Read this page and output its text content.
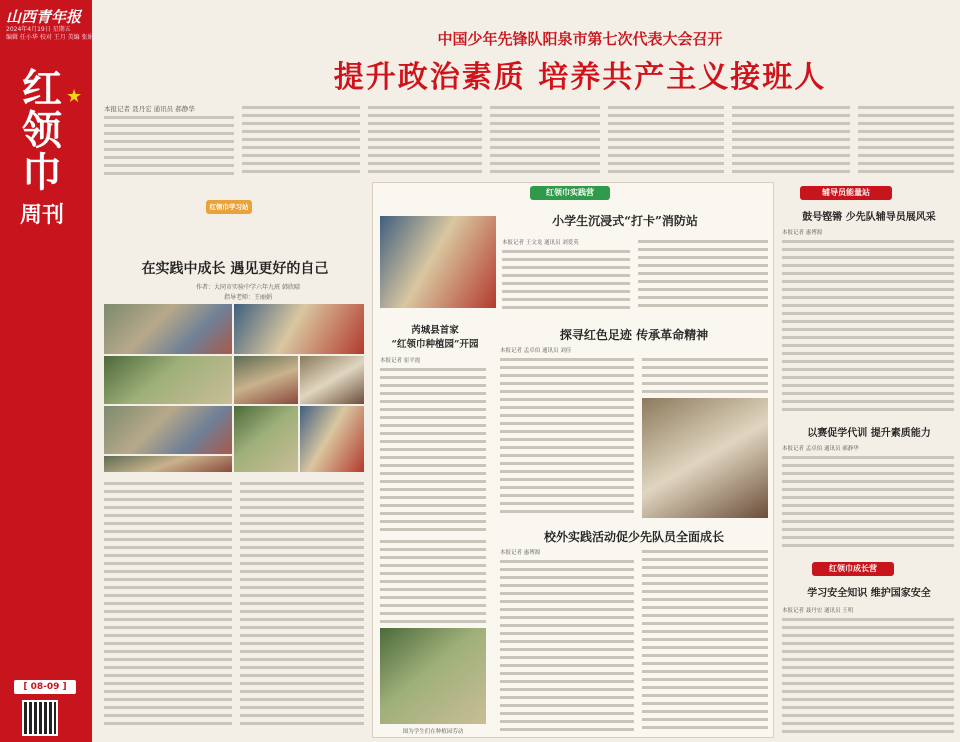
山西青年报
2024年4月19日 星期五
编辑 任小华 校对 王月 美编 张娟
★
红
领
巾
周刊
[ 08-09 ]
中国少年先锋队阳泉市第七次代表大会召开
提升政治素质 培养共产主义接班人
本报记者 聂丹宏 通讯员 郝静华
红领巾学习站
在实践中成长 遇见更好的自己
作者：大同市实验中学六年九班 韩欣晴
指导老师：王丽娟
红领巾实践营
小学生沉浸式“打卡”消防站
本报记者 王文龙 通讯员 刘爱英
芮城县首家
“红领巾种植园”开园
本报记者 崔平霞
探寻红色足迹 传承革命精神
本报记者 孟卓伯 通讯员 刘佳
校外实践活动促少先队员全面成长
本报记者 惠博源
图为学生们在种植园劳动
辅导员能量站
鼓号铿锵 少先队辅导员展风采
本报记者 惠博源
以赛促学代训 提升素质能力
本报记者 孟卓伯 通讯员 郝静华
红领巾成长营
学习安全知识 维护国家安全
本报记者 聂丹宏 通讯员 王明
